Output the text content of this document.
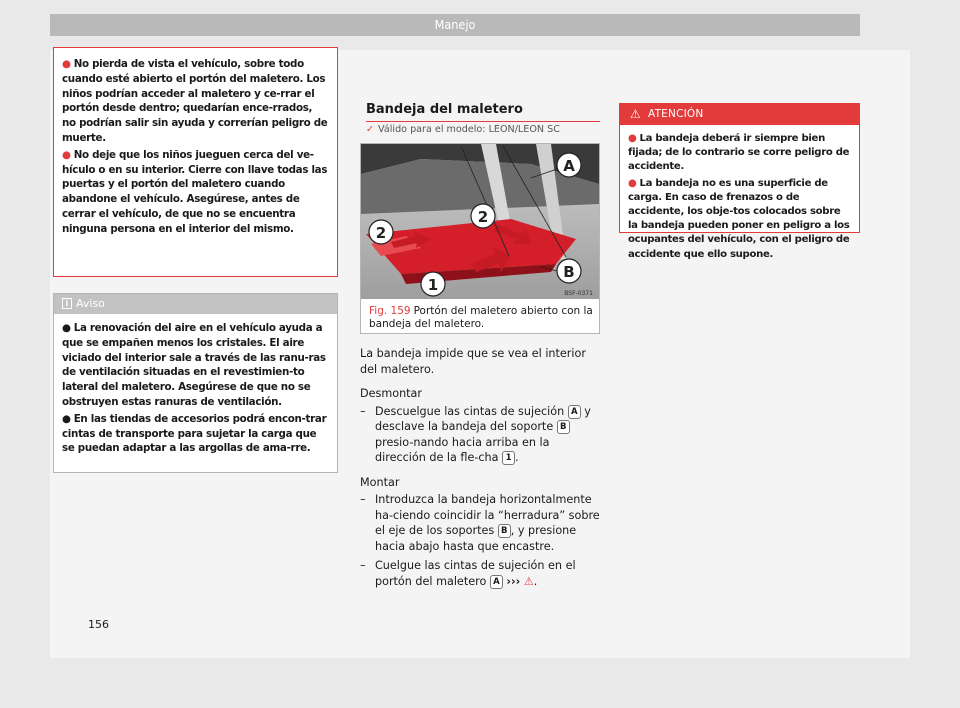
Manejo
● No pierda de vista el vehículo, sobre todo cuando esté abierto el portón del maletero. Los niños podrían acceder al maletero y ce-rrar el portón desde dentro; quedarían ence-rrados, no podrían salir sin ayuda y correrían peligro de muerte.
● No deje que los niños jueguen cerca del ve-hículo o en su interior. Cierre con llave todas las puertas y el portón del maletero cuando abandone el vehículo. Asegúrese, antes de cerrar el vehículo, de que no se encuentra ninguna persona en el interior del mismo.
i Aviso
● La renovación del aire en el vehículo ayuda a que se empañen menos los cristales. El aire viciado del interior sale a través de las ranu-ras de ventilación situadas en el revestimien-to lateral del maletero. Asegúrese de que no se obstruyen estas ranuras de ventilación.
● En las tiendas de accesorios podrá encon-trar cintas de transporte para sujetar la carga que se puedan adaptar a las argollas de ama-rre.
Bandeja del maletero
✓ Válido para el modelo: LEON/LEON SC
A
2
2
B
1	BSF-0371
Fig. 159 Portón del maletero abierto con la bandeja del maletero.

La bandeja impide que se vea el interior del maletero.

Desmontar
– Descuelgue las cintas de sujeción A y desclave la bandeja del soporte B presio-nando hacia arriba en la dirección de la fle-cha 1 .
Montar
– Introduzca la bandeja horizontalmente ha-ciendo coincidir la “herradura” sobre el eje de los soportes B , y presione hacia abajo hasta que encastre.
– Cuelgue las cintas de sujeción en el portón del maletero A ››› ⚠.
⚠ ATENCIÓN
● La bandeja deberá ir siempre bien fijada; de lo contrario se corre peligro de accidente.
● La bandeja no es una superficie de carga. En caso de frenazos o de accidente, los obje-tos colocados sobre la bandeja pueden poner en peligro a los ocupantes del vehículo, con el peligro de accidente que ello supone.
156
